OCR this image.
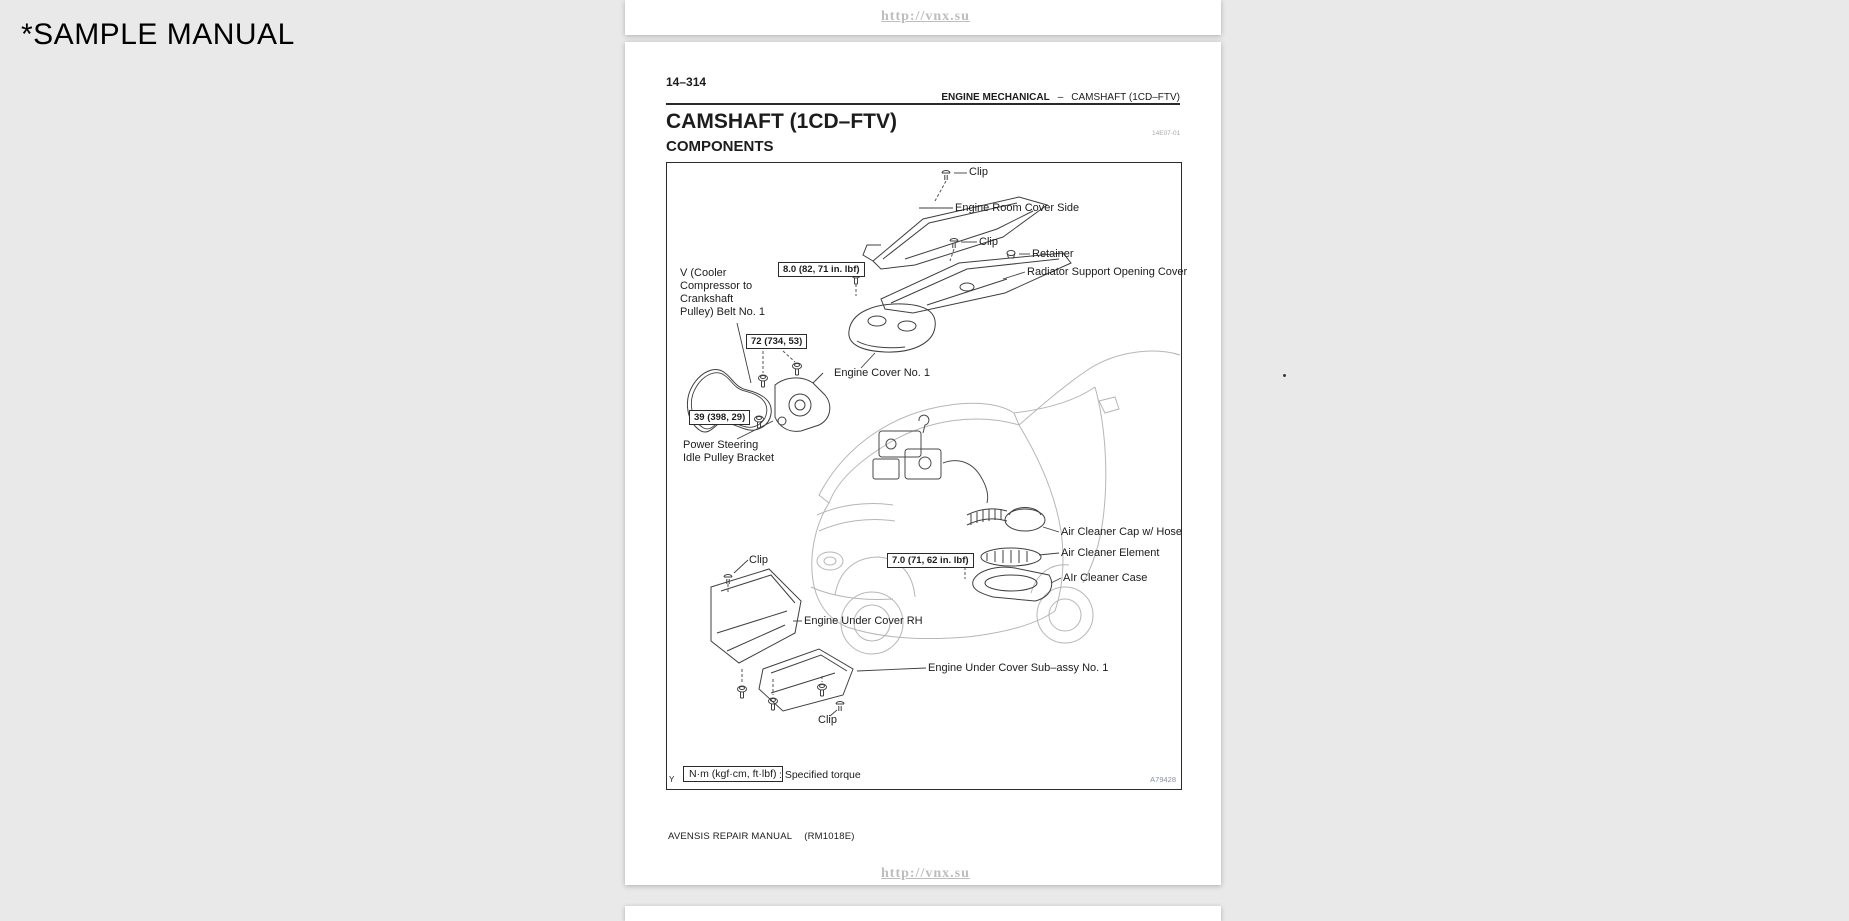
*SAMPLE MANUAL
http://vnx.su
14–314
ENGINE MECHANICAL – CAMSHAFT (1CD–FTV)
CAMSHAFT (1CD–FTV)
COMPONENTS
14E07-01
Clip
Engine Room Cover Side
Clip
Retainer
Radiator Support Opening Cover
V (Cooler
Compressor to
Crankshaft
Pulley) Belt No. 1
Engine Cover No. 1
Power Steering
Idle Pulley Bracket
Air Cleaner Cap w/ Hose
Air Cleaner Element
AIr Cleaner Case
Clip
Engine Under Cover RH
Engine Under Cover Sub–assy No. 1
Clip
8.0 (82, 71 in. lbf)
72 (734, 53)
39 (398, 29)
7.0 (71, 62 in. lbf)
Y	N·m (kgf·cm, ft·lbf) : Specified torque	A79428
AVENSIS REPAIR MANUAL (RM1018E)
http://vnx.su
